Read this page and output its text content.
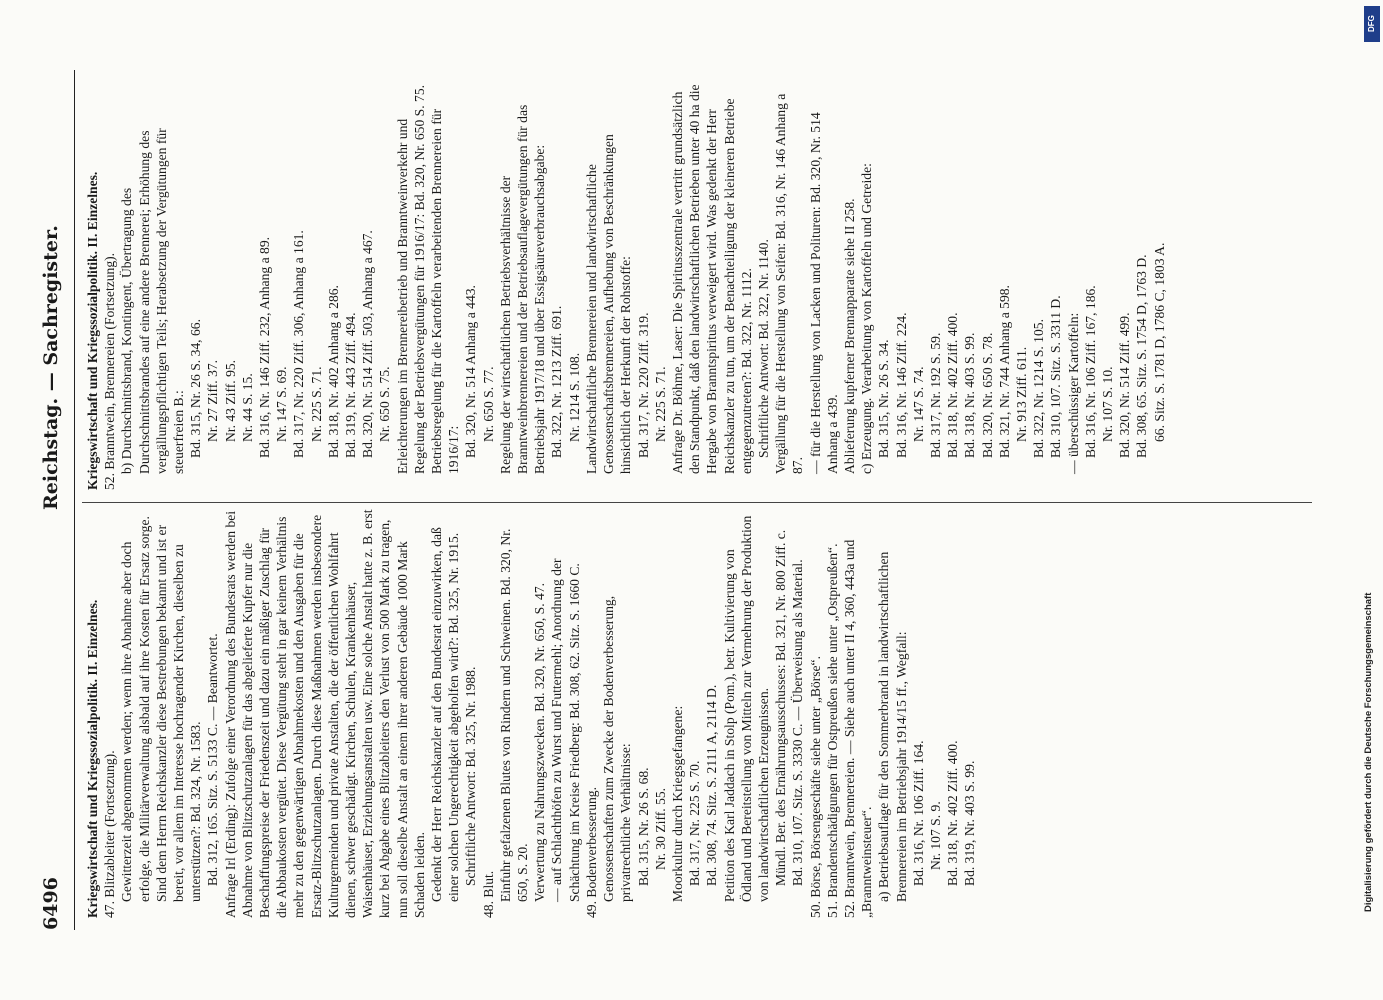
6496
Reichstag. — Sachregister.

Kriegswirtschaft und Kriegssozialpolitik. II. Einzelnes. 47. Blitzableiter (Fortsetzung). Gewitterzeit abgenommen werden; wenn ihre Abnahme aber doch erfolge, die Militärverwaltung alsbald auf ihre Kosten für Ersatz sorge. Sind dem Herrn Reichskanzler diese Bestrebungen bekannt und ist er bereit, vor allem im Interesse hochragender Kirchen, dieselben zu unterstützen?: Bd. 324, Nr. 1583. Bd. 312, 165. Sitz. S. 5133 C. — Beantwortet. Anfrage Irl (Erding): Zufolge einer Verordnung des Bundesrats werden bei Abnahme von Blitzschutzanlagen für das abgelieferte Kupfer nur die Beschaffungspreise der Friedenszeit und dazu ein mäßiger Zuschlag für die Abbaukosten vergütet. Diese Vergütung steht in gar keinem Verhältnis mehr zu den gegenwärtigen Abnahmekosten und den Ausgaben für die Ersatz-Blitzschutzanlagen. Durch diese Maßnahmen werden insbesondere Kulturgemeinden und private Anstalten, die der öffentlichen Wohlfahrt dienen, schwer geschädigt. Kirchen, Schulen, Krankenhäuser, Waisenhäuser, Erziehungsanstalten usw. Eine solche Anstalt hatte z. B. erst kurz bei Abgabe eines Blitzableiters den Verlust von 500 Mark zu tragen, nun soll dieselbe Anstalt an einem ihrer anderen Gebäude 1000 Mark Schaden leiden. Gedenkt der Herr Reichskanzler auf den Bundesrat einzuwirken, daß einer solchen Ungerechtigkeit abgeholfen wird?: Bd. 325, Nr. 1915. Schriftliche Antwort: Bd. 325, Nr. 1988.

48. Blut. Einfuhr gefalzenen Blutes von Rindern und Schweinen. Bd. 320, Nr. 650, S. 20. Verwertung zu Nahrungszwecken. Bd. 320, Nr. 650, S. 47. — auf Schlachthöfen zu Wurst und Futtermehl; Anordnung der Schächtung im Kreise Friedberg: Bd. 308, 62. Sitz. S. 1660 C. 49. Bodenverbesserung. Genossenschaften zum Zwecke der Bodenverbesserung, privatrechtliche Verhältnisse: Bd. 315, Nr. 26 S. 68. Nr. 30 Ziff. 55. Moorkultur durch Kriegsgefangene: Bd. 317, Nr. 225 S. 70. Bd. 308, 74. Sitz. S. 2111 A, 2114 D. Petition des Karl Jaddach in Stolp (Pom.), betr. Kultivierung von Ödland und Bereitstellung von Mitteln zur Vermehrung der Produktion von landwirtschaftlichen Erzeugnissen. Mündl. Ber. des Ernährungsausschusses: Bd. 321, Nr. 800 Ziff. c. Bd. 310, 107. Sitz. S. 3330 C. — Überweisung als Material. 50. Börse, Börsengeschäfte siehe unter „Börse“. 51. Brandentschädigungen für Ostpreußen siehe unter „Ostpreußen“. 52. Branntwein, Brennereien. — Siehe auch unter II 4, 360, 443a und „Branntweinsteuer“. a) Betriebsauflage für den Sommerbrand in landwirtschaftlichen Brennereien im Betriebsjahr 1914/15 ff., Wegfall: Bd. 316, Nr. 106 Ziff. 164. Nr. 107 S. 9. Bd. 318, Nr. 402 Ziff. 400. Bd. 319, Nr. 403 S. 99.

Kriegswirtschaft und Kriegssozialpolitik. II. Einzelnes. 52. Branntwein, Brennereien (Fortsetzung). b) Durchschnittsbrand, Kontingent, Übertragung des Durchschnittsbrandes auf eine andere Brennerei; Erhöhung des vergällungspflichtigen Teils; Herabsetzung der Vergütungen für steuerfreien B.: Bd. 315, Nr. 26 S. 34, 66. Nr. 27 Ziff. 37. Nr. 43 Ziff. 95. Nr. 44 S. 15. Bd. 316, Nr. 146 Ziff. 232, Anhang a 89. Nr. 147 S. 69. Bd. 317, Nr. 220 Ziff. 306, Anhang a 161. Nr. 225 S. 71. Bd. 318, Nr. 402 Anhang a 286. Bd. 319, Nr. 443 Ziff. 494. Bd. 320, Nr. 514 Ziff. 503, Anhang a 467. Nr. 650 S. 75. Erleichterungen im Brennereibetrieb und Branntweinverkehr und Regelung der Betriebsvergütungen für 1916/17: Bd. 320, Nr. 650 S. 75. Betriebsregelung für die Kartoffeln verarbeitenden Brennereien für 1916/17: Bd. 320, Nr. 514 Anhang a 443. Nr. 650 S. 77. Regelung der wirtschaftlichen Betriebsverhältnisse der Branntweinbrennereien und der Betriebsauflagevergütungen für das Betriebsjahr 1917/18 und über Essigsäureverbrauchsabgabe: Bd. 322, Nr. 1213 Ziff. 691. Nr. 1214 S. 108. Landwirtschaftliche Brennereien und landwirtschaftliche Genossenschaftsbrennereien, Aufhebung von Beschränkungen hinsichtlich der Herkunft der Rohstoffe: Bd. 317, Nr. 220 Ziff. 319. Nr. 225 S. 71. Anfrage Dr. Böhme, Laser: Die Spiritusszentrale vertritt grundsätzlich den Standpunkt, daß den landwirtschaftlichen Betrieben unter 40 ha die Hergabe von Branntspiritus verweigert wird. Was gedenkt der Herr Reichskanzler zu tun, um der Benachteiligung der kleineren Betriebe entgegenzutreten?: Bd. 322, Nr. 1112. Schriftliche Antwort: Bd. 322, Nr. 1140. Vergällung für die Herstellung von Seifen: Bd. 316, Nr. 146 Anhang a 87. — für die Herstellung von Lacken und Polituren: Bd. 320, Nr. 514 Anhang a 439. Ablieferung kupferner Brennapparate siehe II 258. c) Erzeugung. Verarbeitung von Kartoffeln und Getreide: Bd. 315, Nr. 26 S. 34. Bd. 316, Nr. 146 Ziff. 224. Nr. 147 S. 74. Bd. 317, Nr. 192 S. 59. Bd. 318, Nr. 402 Ziff. 400. Bd. 318, Nr. 403 S. 99. Bd. 320, Nr. 650 S. 78. Bd. 321, Nr. 744 Anhang a 598. Nr. 913 Ziff. 611. Bd. 322, Nr. 1214 S. 105. Bd. 310, 107. Sitz. S. 3311 D. — überschüssiger Kartoffeln: Bd. 316, Nr. 106 Ziff. 167, 186. Nr. 107 S. 10. Bd. 320, Nr. 514 Ziff. 499. Bd. 308, 65. Sitz. S. 1754 D, 1763 D. 66. Sitz. S. 1781 D, 1786 C, 1803 A.

Digitalisierung gefördert durch die Deutsche Forschungsgemeinschaft
DFG
